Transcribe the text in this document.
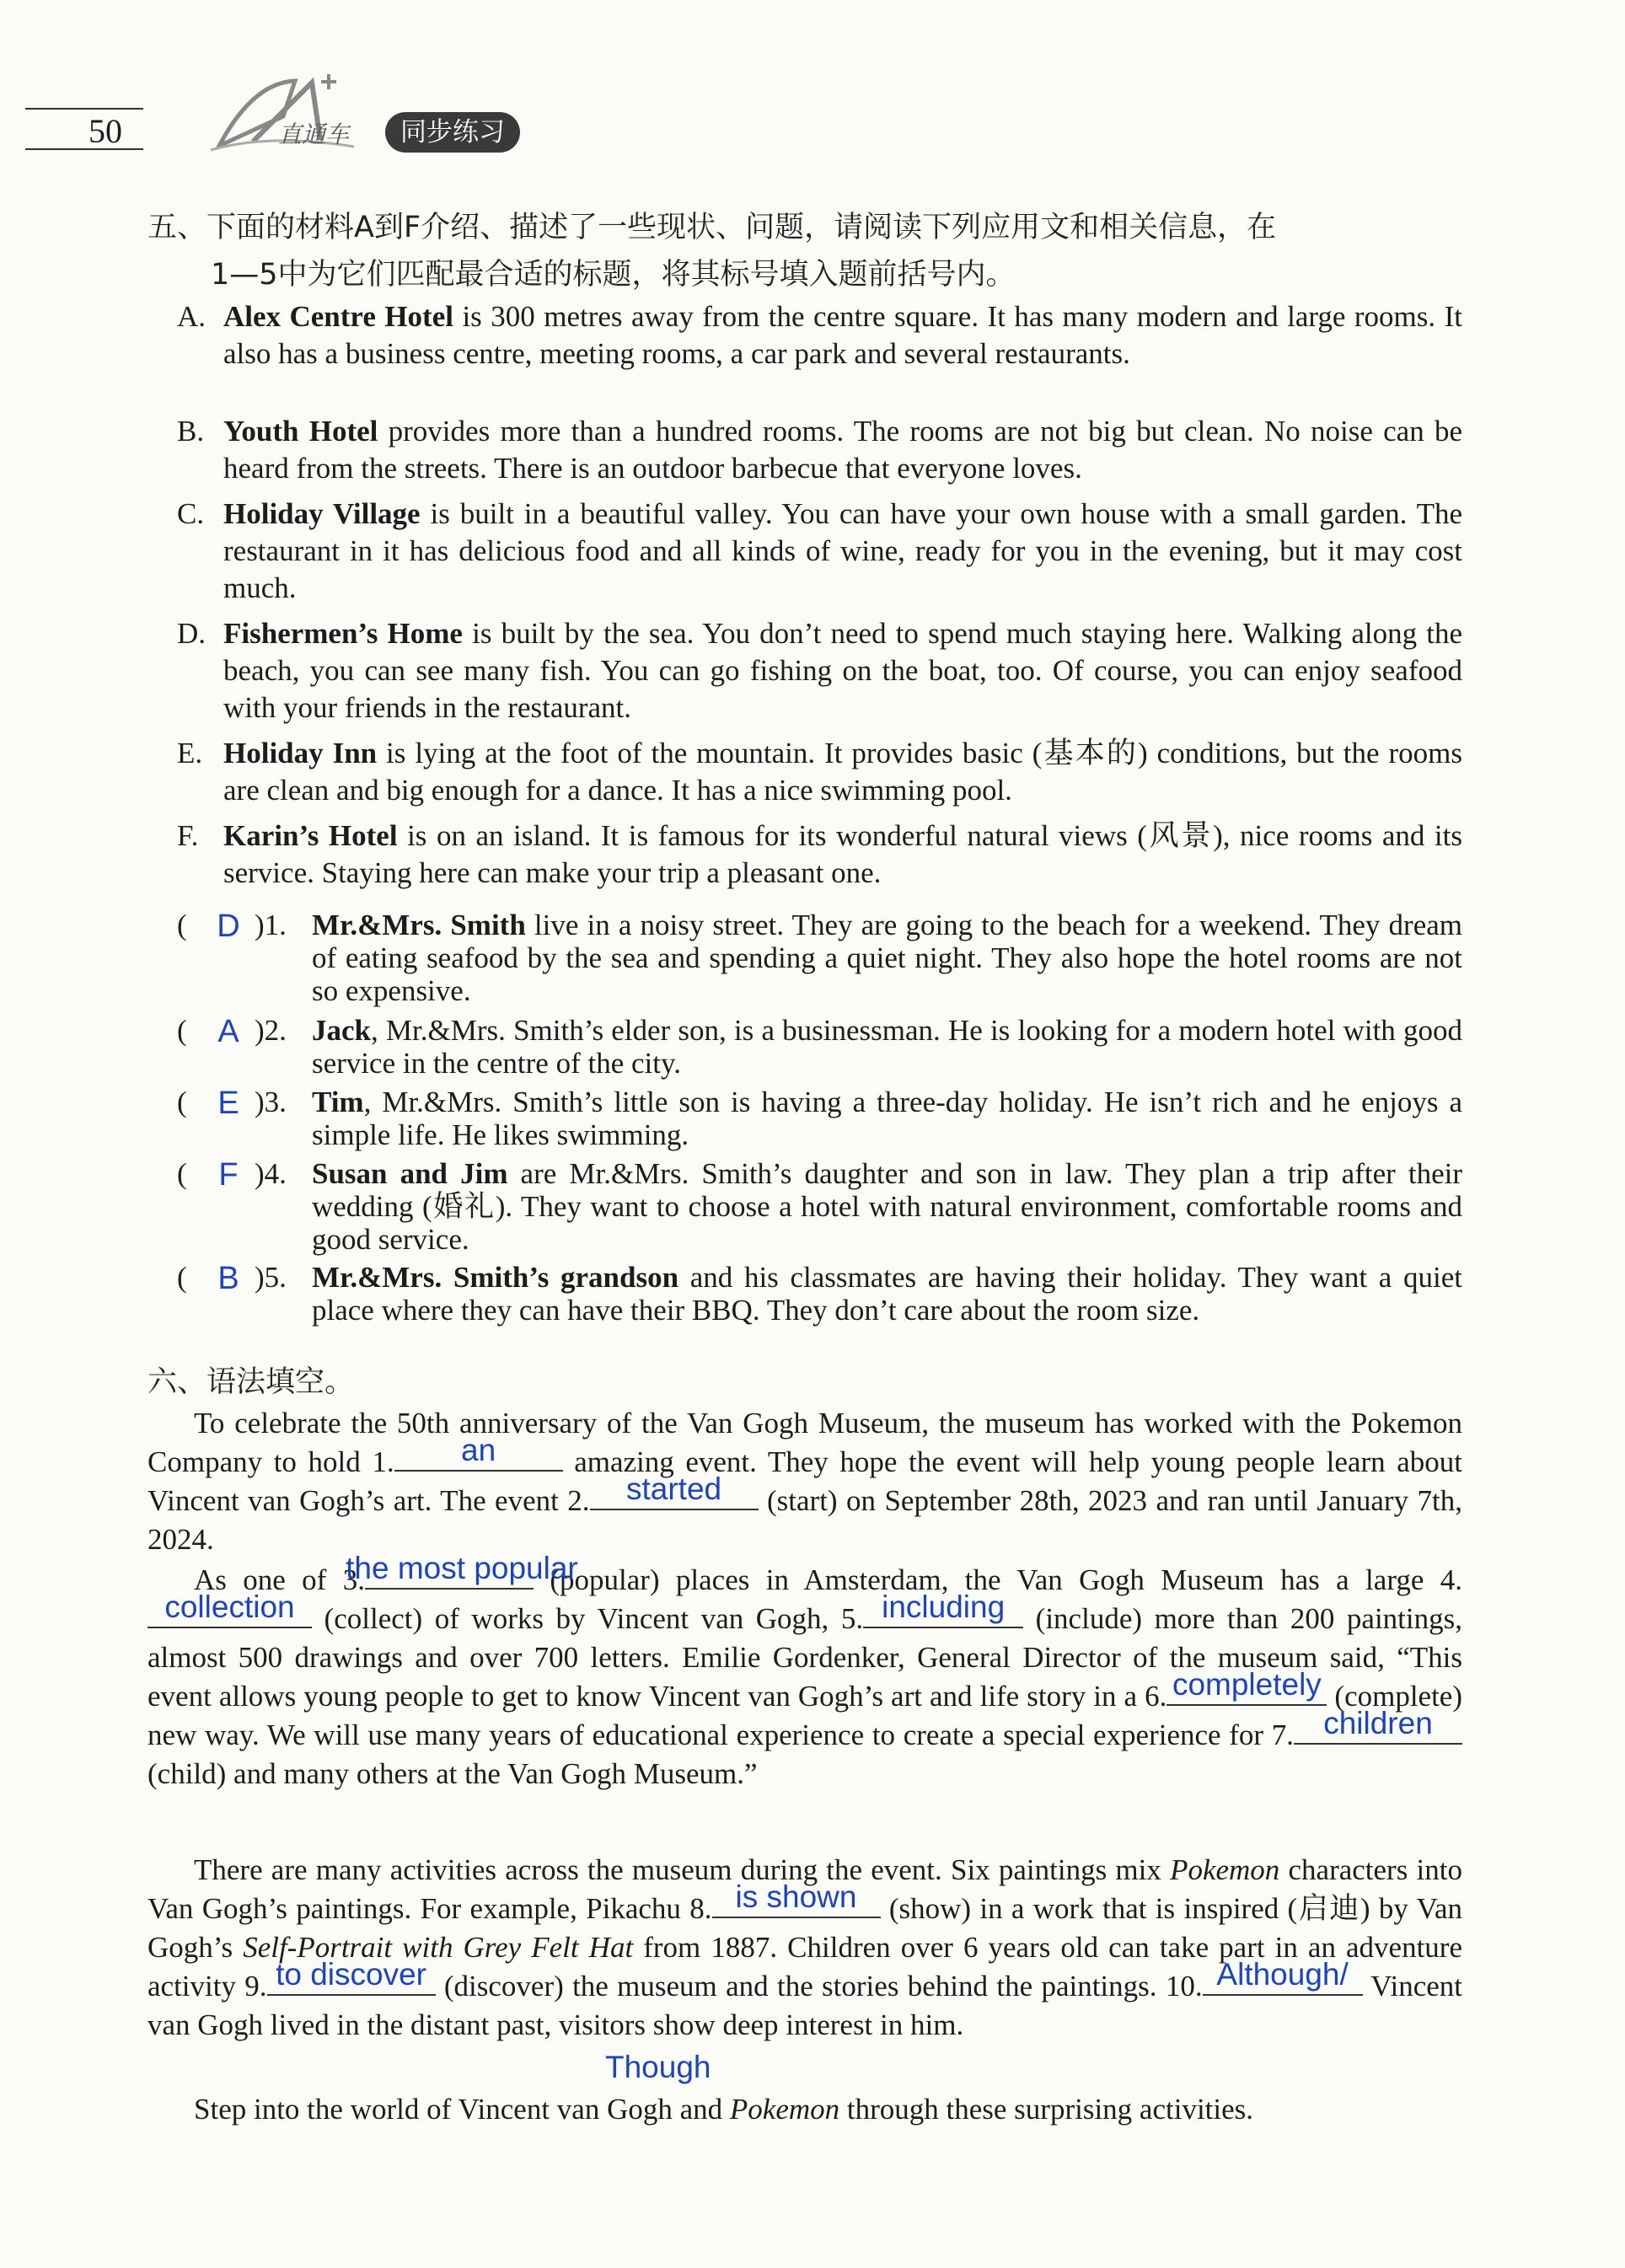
50	直通车	同步练习
五、下面的材料A到F介绍、描述了一些现状、问题，请阅读下列应用文和相关信息，在
1—5中为它们匹配最合适的标题，将其标号填入题前括号内。
A. Alex Centre Hotel is 300 metres away from the centre square. It has many modern and large rooms. It also has a business centre, meeting rooms, a car park and several restaurants.
B. Youth Hotel provides more than a hundred rooms. The rooms are not big but clean. No noise can be heard from the streets. There is an outdoor barbecue that everyone loves.
C. Holiday Village is built in a beautiful valley. You can have your own house with a small garden. The restaurant in it has delicious food and all kinds of wine, ready for you in the evening, but it may cost much.
D. Fishermen’s Home is built by the sea. You don’t need to spend much staying here. Walking along the beach, you can see many fish. You can go fishing on the boat, too. Of course, you can enjoy seafood with your friends in the restaurant.
E. Holiday Inn is lying at the foot of the mountain. It provides basic (基本的) conditions, but the rooms are clean and big enough for a dance. It has a nice swimming pool.
F. Karin’s Hotel is on an island. It is famous for its wonderful natural views (风景), nice rooms and its service. Staying here can make your trip a pleasant one.
( D )1. Mr.&Mrs. Smith live in a noisy street. They are going to the beach for a weekend. They dream of eating seafood by the sea and spending a quiet night. They also hope the hotel rooms are not so expensive.
( A )2. Jack, Mr.&Mrs. Smith’s elder son, is a businessman. He is looking for a modern hotel with good service in the centre of the city.
( E )3. Tim, Mr.&Mrs. Smith’s little son is having a three-day holiday. He isn’t rich and he enjoys a simple life. He likes swimming.
( F )4. Susan and Jim are Mr.&Mrs. Smith’s daughter and son in law. They plan a trip after their wedding (婚礼). They want to choose a hotel with natural environment, comfortable rooms and good service.
( B )5. Mr.&Mrs. Smith’s grandson and his classmates are having their holiday. They want a quiet place where they can have their BBQ. They don’t care about the room size.
六、语法填空。
To celebrate the 50th anniversary of the Van Gogh Museum, the museum has worked with the Pokemon Company to hold 1.	an	amazing event. They hope the event will help young people learn about Vincent van Gogh’s art. The event 2.	started	(start) on September 28th, 2023 and ran until January 7th, 2024.
As one of 3.
the most popular
(popular) places in Amsterdam, the Van Gogh Museum has a large 4.
collection (collect) of works by Vincent van Gogh, 5. including (include) more than 200 paintings, almost 500 drawings and over 700 letters. Emilie Gordenker, General Director of the museum said, “This event allows young people to get to know Vincent van Gogh’s art and life story in a 6. completely (complete) new way. We will use many years of educational experience to create a special experience for 7. children
(child) and many others at the Van Gogh Museum.”
There are many activities across the museum during the event. Six paintings mix Pokemon characters into Van Gogh’s paintings. For example, Pikachu 8. is shown (show) in a work that is inspired (启迪) by Van Gogh’s Self-Portrait with Grey Felt Hat from 1887. Children over 6 years old can take part in an adventure activity 9. to discover (discover) the museum and the stories behind the paintings. 10. Although/ Vincent van Gogh lived in the distant past, visitors show deep interest in him.
Though
Step into the world of Vincent van Gogh and Pokemon through these surprising activities.
